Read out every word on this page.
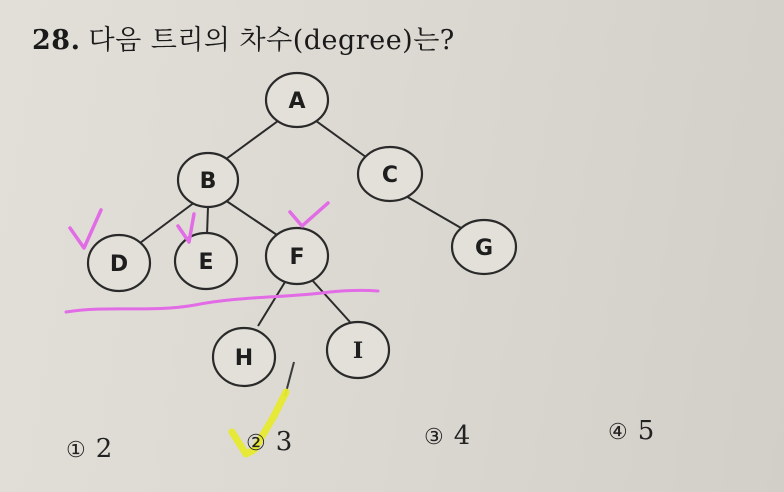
28. 다음 트리의 차수(degree)는?
A
B	C
D	E	F	G
H	I
① 2	② 3	③ 4	④ 5
